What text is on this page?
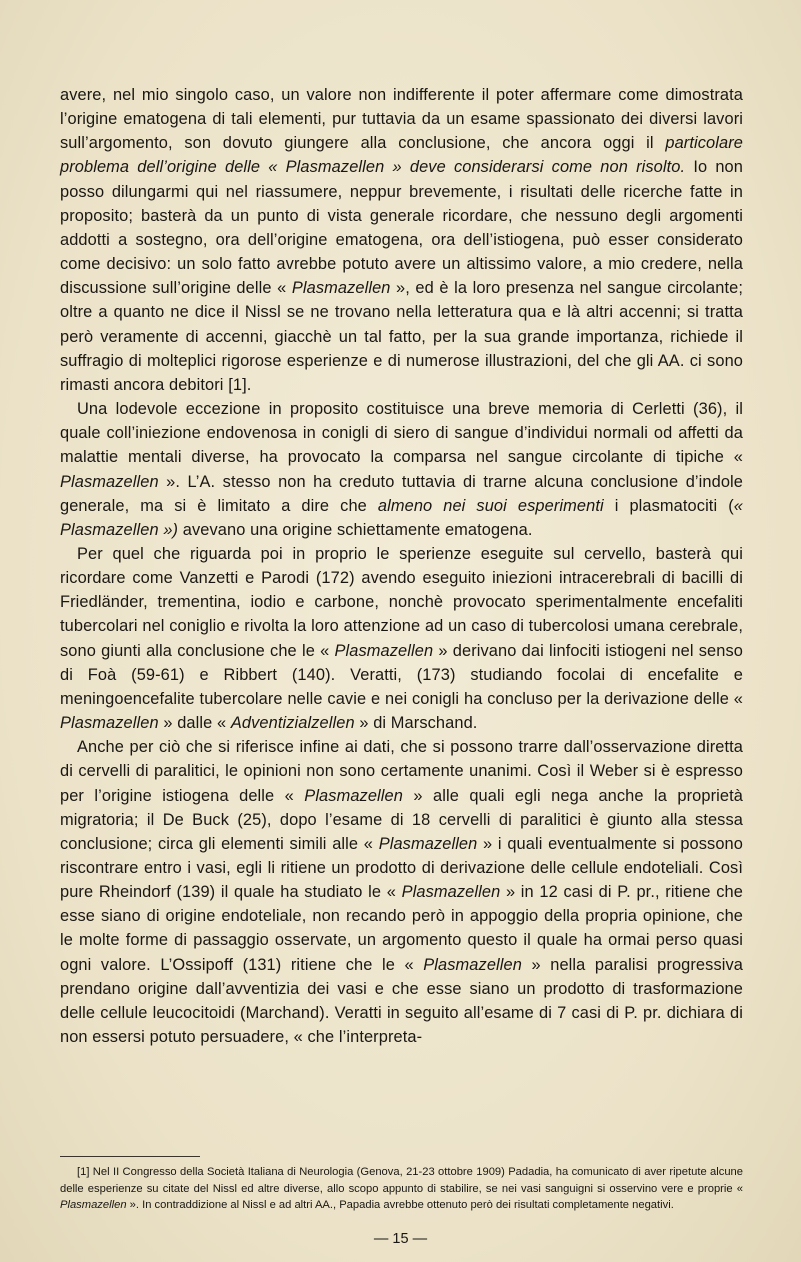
avere, nel mio singolo caso, un valore non indifferente il poter affermare come dimostrata l’origine ematogena di tali elementi, pur tuttavia da un esame spassionato dei diversi lavori sull’argomento, son dovuto giungere alla conclusione, che ancora oggi il particolare problema dell’origine delle « Plasmazellen » deve considerarsi come non risolto. Io non posso dilungarmi qui nel riassumere, neppur brevemente, i risultati delle ricerche fatte in proposito; basterà da un punto di vista generale ricordare, che nessuno degli argomenti addotti a sostegno, ora dell’origine ematogena, ora dell’istiogena, può esser considerato come decisivo: un solo fatto avrebbe potuto avere un altissimo valore, a mio credere, nella discussione sull’origine delle « Plasmazellen », ed è la loro presenza nel sangue circolante; oltre a quanto ne dice il Nissl se ne trovano nella letteratura qua e là altri accenni; si tratta però veramente di accenni, giacchè un tal fatto, per la sua grande importanza, richiede il suffragio di molteplici rigorose esperienze e di numerose illustrazioni, del che gli AA. ci sono rimasti ancora debitori [1].

Una lodevole eccezione in proposito costituisce una breve memoria di Cerletti (36), il quale coll’iniezione endovenosa in conigli di siero di sangue d’individui normali od affetti da malattie mentali diverse, ha provocato la comparsa nel sangue circolante di tipiche « Plasmazellen ». L’A. stesso non ha creduto tuttavia di trarne alcuna conclusione d’indole generale, ma si è limitato a dire che almeno nei suoi esperimenti i plasmatociti (« Plasmazellen ») avevano una origine schiettamente ematogena.

Per quel che riguarda poi in proprio le sperienze eseguite sul cervello, basterà qui ricordare come Vanzetti e Parodi (172) avendo eseguito iniezioni intracerebrali di bacilli di Friedländer, trementina, iodio e carbone, nonchè provocato sperimentalmente encefaliti tubercolari nel coniglio e rivolta la loro attenzione ad un caso di tubercolosi umana cerebrale, sono giunti alla conclusione che le « Plasmazellen » derivano dai linfociti istiogeni nel senso di Foà (59-61) e Ribbert (140). Veratti, (173) studiando focolai di encefalite e meningoencefalite tubercolare nelle cavie e nei conigli ha concluso per la derivazione delle « Plasmazellen » dalle « Adventizialzellen » di Marschand.

Anche per ciò che si riferisce infine ai dati, che si possono trarre dall’osservazione diretta di cervelli di paralitici, le opinioni non sono certamente unanimi. Così il Weber si è espresso per l’origine istiogena delle « Plasmazellen » alle quali egli nega anche la proprietà migratoria; il De Buck (25), dopo l’esame di 18 cervelli di paralitici è giunto alla stessa conclusione; circa gli elementi simili alle « Plasmazellen » i quali eventualmente si possono riscontrare entro i vasi, egli li ritiene un prodotto di derivazione delle cellule endoteliali. Così pure Rheindorf (139) il quale ha studiato le « Plasmazellen » in 12 casi di P. pr., ritiene che esse siano di origine endoteliale, non recando però in appoggio della propria opinione, che le molte forme di passaggio osservate, un argomento questo il quale ha ormai perso quasi ogni valore. L’Ossipoff (131) ritiene che le « Plasmazellen » nella paralisi progressiva prendano origine dall’avventizia dei vasi e che esse siano un prodotto di trasformazione delle cellule leucocitoidi (Marchand). Veratti in seguito all’esame di 7 casi di P. pr. dichiara di non essersi potuto persuadere, « che l’interpreta-

[1] Nel II Congresso della Società Italiana di Neurologia (Genova, 21-23 ottobre 1909) Padadia, ha comunicato di aver ripetute alcune delle esperienze su citate del Nissl ed altre diverse, allo scopo appunto di stabilire, se nei vasi sanguigni si osservino vere e proprie « Plasmazellen ». In contraddizione al Nissl e ad altri AA., Papadia avrebbe ottenuto però dei risultati completamente negativi.

— 15 —
